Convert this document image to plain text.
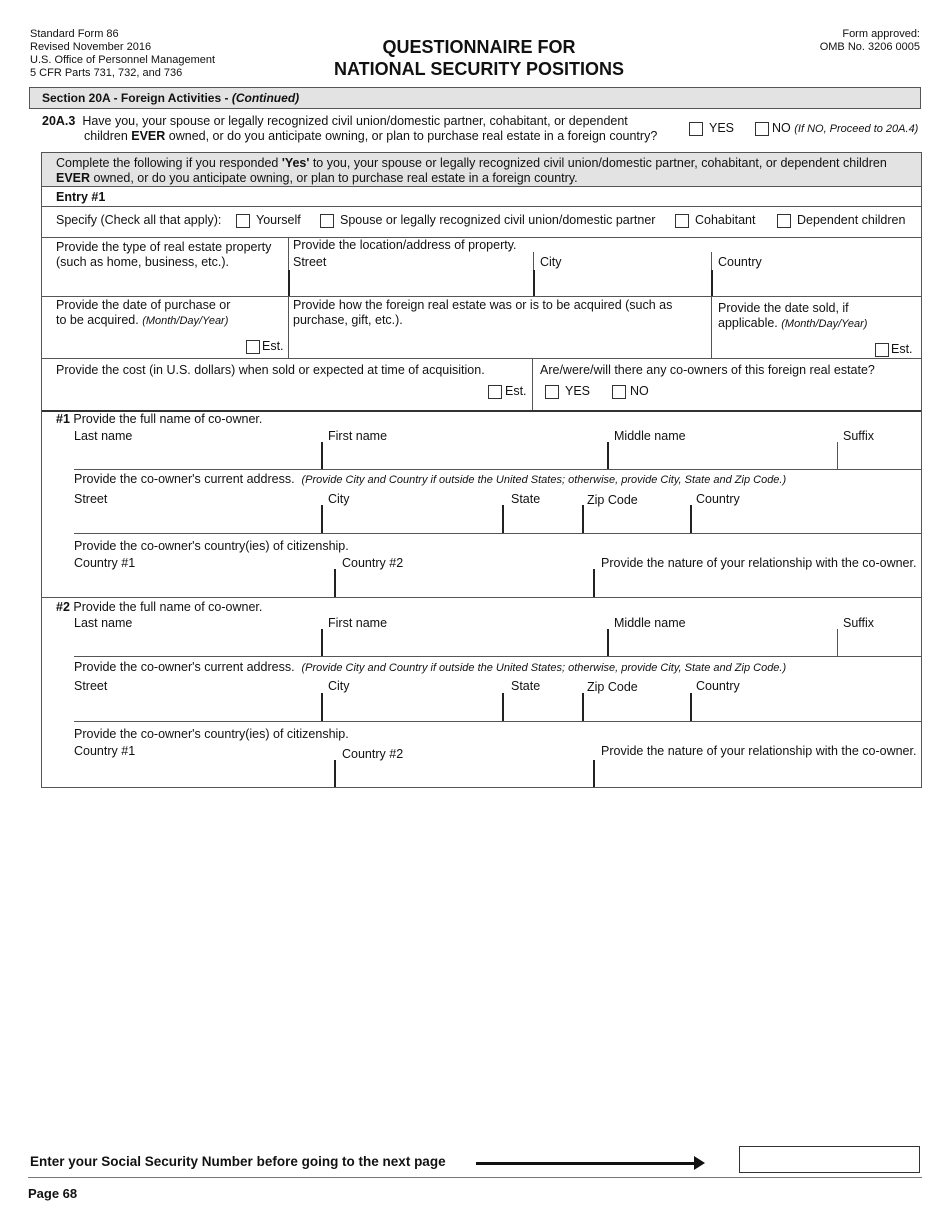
Standard Form 86
Revised November 2016
U.S. Office of Personnel Management
5 CFR Parts 731, 732, and 736
QUESTIONNAIRE FOR
NATIONAL SECURITY POSITIONS
Form approved:
OMB No. 3206 0005
Section 20A - Foreign Activities - (Continued)
20A.3 Have you, your spouse or legally recognized civil union/domestic partner, cohabitant, or dependent
children EVER owned, or do you anticipate owning, or plan to purchase real estate in a foreign country?
YES	NO (If NO, Proceed to 20A.4)
Complete the following if you responded 'Yes' to you, your spouse or legally recognized civil union/domestic partner, cohabitant, or dependent children
EVER owned, or do you anticipate owning, or plan to purchase real estate in a foreign country.
Entry #1
Specify (Check all that apply):	Yourself	Spouse or legally recognized civil union/domestic partner	Cohabitant	Dependent children
Provide the type of real estate property
(such as home, business, etc.).
Provide the location/address of property.
Street	City	Country
Provide the date of purchase or
to be acquired. (Month/Day/Year)
Est.
Provide how the foreign real estate was or is to be acquired (such as
purchase, gift, etc.).
Provide the date sold, if
applicable. (Month/Day/Year)
Est.
Provide the cost (in U.S. dollars) when sold or expected at time of acquisition.
Est.
Are/were/will there any co-owners of this foreign real estate?
YES	NO
#1 Provide the full name of co-owner.
Last name	First name	Middle name	Suffix
Provide the co-owner's current address. (Provide City and Country if outside the United States; otherwise, provide City, State and Zip Code.)
Street	City	State	Zip Code	Country
Provide the co-owner's country(ies) of citizenship.
Country #1	Country #2	Provide the nature of your relationship with the co-owner.
#2 Provide the full name of co-owner.
Last name	First name	Middle name	Suffix
Provide the co-owner's current address. (Provide City and Country if outside the United States; otherwise, provide City, State and Zip Code.)
Street	City	State	Zip Code	Country
Provide the co-owner's country(ies) of citizenship.
Country #1	Country #2	Provide the nature of your relationship with the co-owner.
Enter your Social Security Number before going to the next page
Page 68
